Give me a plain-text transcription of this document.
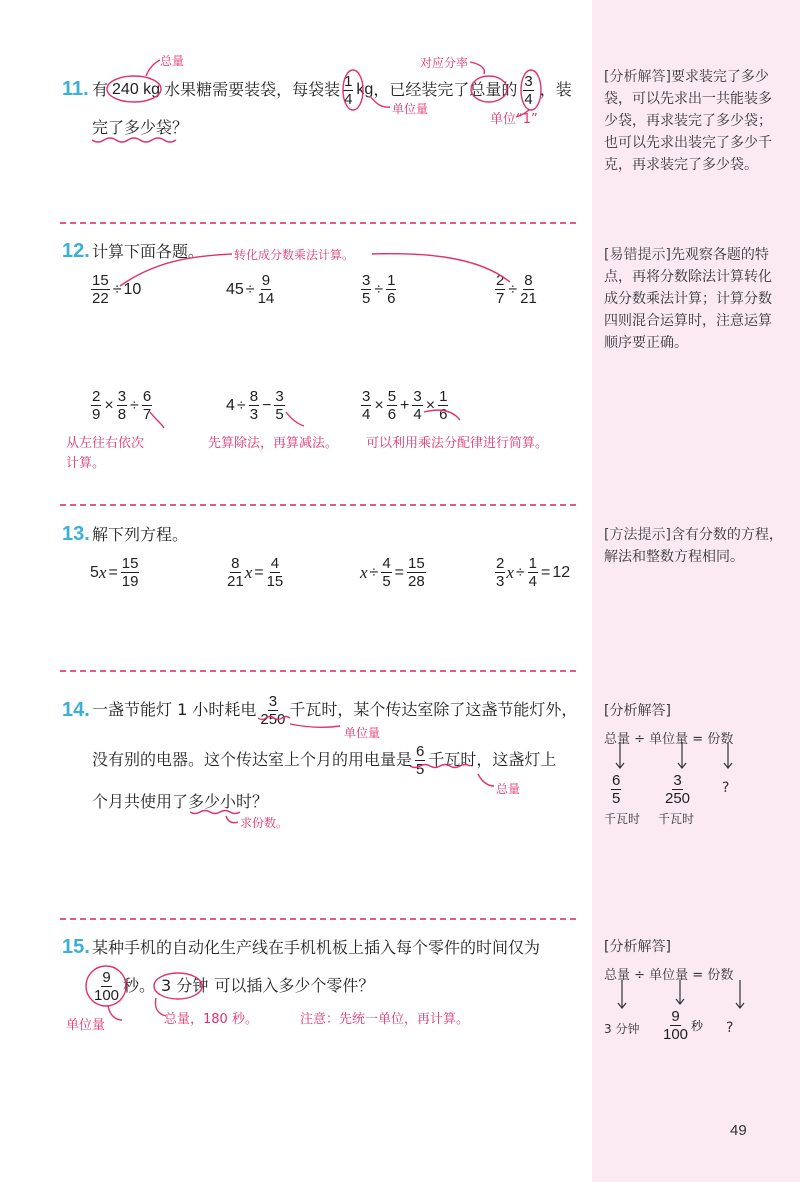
11. 有 240 kg 水果糖需要装袋，每袋装 $\frac{1}{4}$ kg ，已经装完了 总量 的 $\frac{3}{4}$ ，装
完了多少袋？
总量
单位量
对应分率
单位“1”
12. 计算下面各题。 转化成分数乘法计算。
$\frac{15}{22} \div 10$	$45 \div \frac{9}{14}$	$\frac{3}{5} \div \frac{1}{6}$	$\frac{2}{7} \div \frac{8}{21}$
$\frac{2}{9} \times \frac{3}{8} \div \frac{6}{7}$	$4 \div \frac{8}{3} - \frac{3}{5}$	$\frac{3}{4} \times \frac{5}{6} + \frac{3}{4} \times \frac{1}{6}$
从左往右依次
计算。
先算除法，再算减法。 可以利用乘法分配律进行简算。
13. 解下列方程。
5 $x = \frac{15}{19}$	$\frac{8}{21}$ $x = \frac{4}{15}$	$x \div \frac{4}{5} = \frac{15}{28}$	$\frac{2}{3}$ $x \div \frac{1}{4} = 12$
14. 一盏节能灯 1 小时耗电 $\frac{3}{250}$ 千瓦时，某个传达室除了这盏节能灯外，
没有别的电器。这个传达室上个月的用电量是 $\frac{6}{5}$ 千瓦时，这盏灯上
个月共使用了多少小时？
单位量
总量
求份数。
15. 某种手机的自动化生产线在手机机板上插入每个零件的时间仅为
$\frac{9}{100}$ 秒。 3 分钟 可以插入多少个零件？
单位量	总量，180 秒。	注意：先统一单位，再计算。
[分析解答]要求装完了多少袋，可以先求出一共能装多少袋，再求装完了多少袋；也可以先求出装完了多少千克，再求装完了多少袋。
[易错提示]先观察各题的特点，再将分数除法计算转化成分数乘法计算；计算分数四则混合运算时，注意运算顺序要正确。
[方法提示]含有分数的方程，解法和整数方程相同。
[分析解答]
总量 ÷ 单位量 = 份数
$\frac{6}{5}$	$\frac{3}{250}$ ?
千瓦时 千瓦时
[分析解答]
总量 ÷ 单位量 = 份数
3 分钟 $\frac{9}{100}$ 秒 ?
49
